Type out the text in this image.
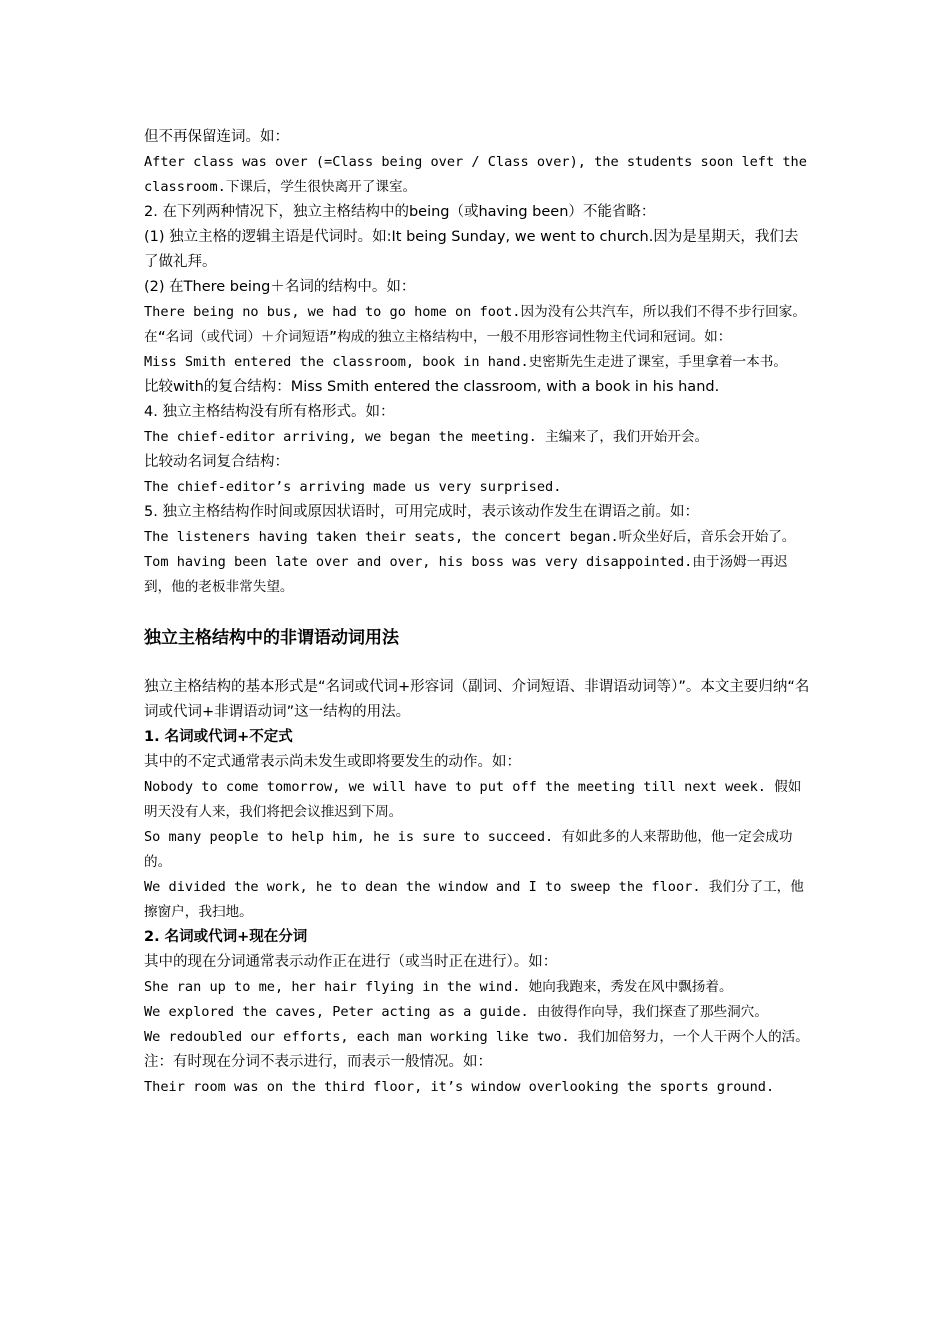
但不再保留连词。如：

After class was over (=Class being over / Class over), the students soon left the classroom.下课后，学生很快离开了课室。

2. 在下列两种情况下，独立主格结构中的being（或having been）不能省略：

(1) 独立主格的逻辑主语是代词时。如:It being Sunday, we went to church.因为是星期天，我们去了做礼拜。

(2) 在There being＋名词的结构中。如：

There being no bus, we had to go home on foot.因为没有公共汽车，所以我们不得不步行回家。 在“名词（或代词）＋介词短语”构成的独立主格结构中，一般不用形容词性物主代词和冠词。如：

Miss Smith entered the classroom, book in hand.史密斯先生走进了课室，手里拿着一本书。

比较with的复合结构：Miss Smith entered the classroom, with a book in his hand.

4. 独立主格结构没有所有格形式。如：

The chief-editor arriving, we began the meeting. 主编来了，我们开始开会。

比较动名词复合结构：

The chief-editor’s arriving made us very surprised.

5. 独立主格结构作时间或原因状语时，可用完成时，表示该动作发生在谓语之前。如：

The listeners having taken their seats, the concert began.听众坐好后，音乐会开始了。

Tom having been late over and over, his boss was very disappointed.由于汤姆一再迟到，他的老板非常失望。

独立主格结构中的非谓语动词用法

独立主格结构的基本形式是“名词或代词+形容词（副词、介词短语、非谓语动词等）”。本文主要归纳“名词或代词+非谓语动词”这一结构的用法。

1. 名词或代词+不定式

其中的不定式通常表示尚未发生或即将要发生的动作。如：

Nobody to come tomorrow, we will have to put off the meeting till next week. 假如明天没有人来，我们将把会议推迟到下周。

So many people to help him, he is sure to succeed. 有如此多的人来帮助他，他一定会成功的。

We divided the work, he to dean the window and I to sweep the floor. 我们分了工，他擦窗户，我扫地。

2. 名词或代词+现在分词

其中的现在分词通常表示动作正在进行（或当时正在进行）。如：

She ran up to me, her hair flying in the wind. 她向我跑来，秀发在风中飘扬着。

We explored the caves, Peter acting as a guide. 由彼得作向导，我们探查了那些洞穴。

We redoubled our efforts, each man working like two. 我们加倍努力，一个人干两个人的活。

注：有时现在分词不表示进行，而表示一般情况。如：

Their room was on the third floor, it’s window overlooking the sports ground.
